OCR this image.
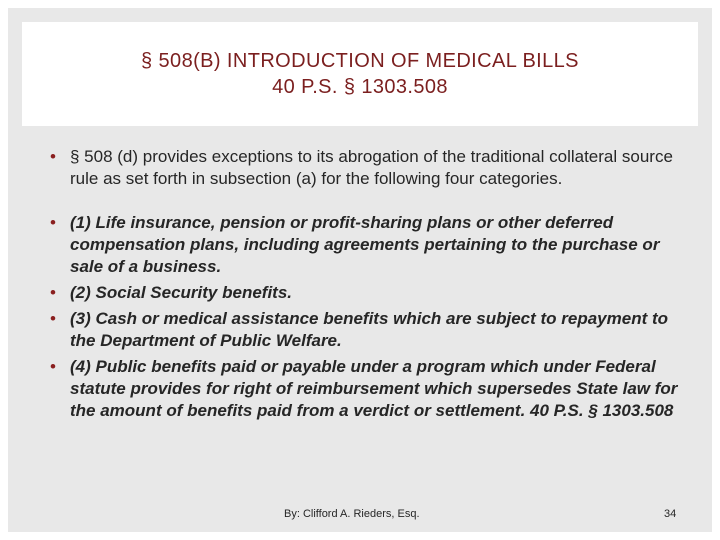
§ 508(B) INTRODUCTION OF MEDICAL BILLS
40 P.S. § 1303.508
• § 508 (d) provides exceptions to its abrogation of the traditional collateral source rule as set forth in subsection (a) for the following four categories.
• (1) Life insurance, pension or profit-sharing plans or other deferred compensation plans, including agreements pertaining to the purchase or sale of a business.
• (2) Social Security benefits.
• (3) Cash or medical assistance benefits which are subject to repayment to the Department of Public Welfare.
• (4) Public benefits paid or payable under a program which under Federal statute provides for right of reimbursement which supersedes State law for the amount of benefits paid from a verdict or settlement. 40 P.S. § 1303.508
By: Clifford A. Rieders, Esq.	34
